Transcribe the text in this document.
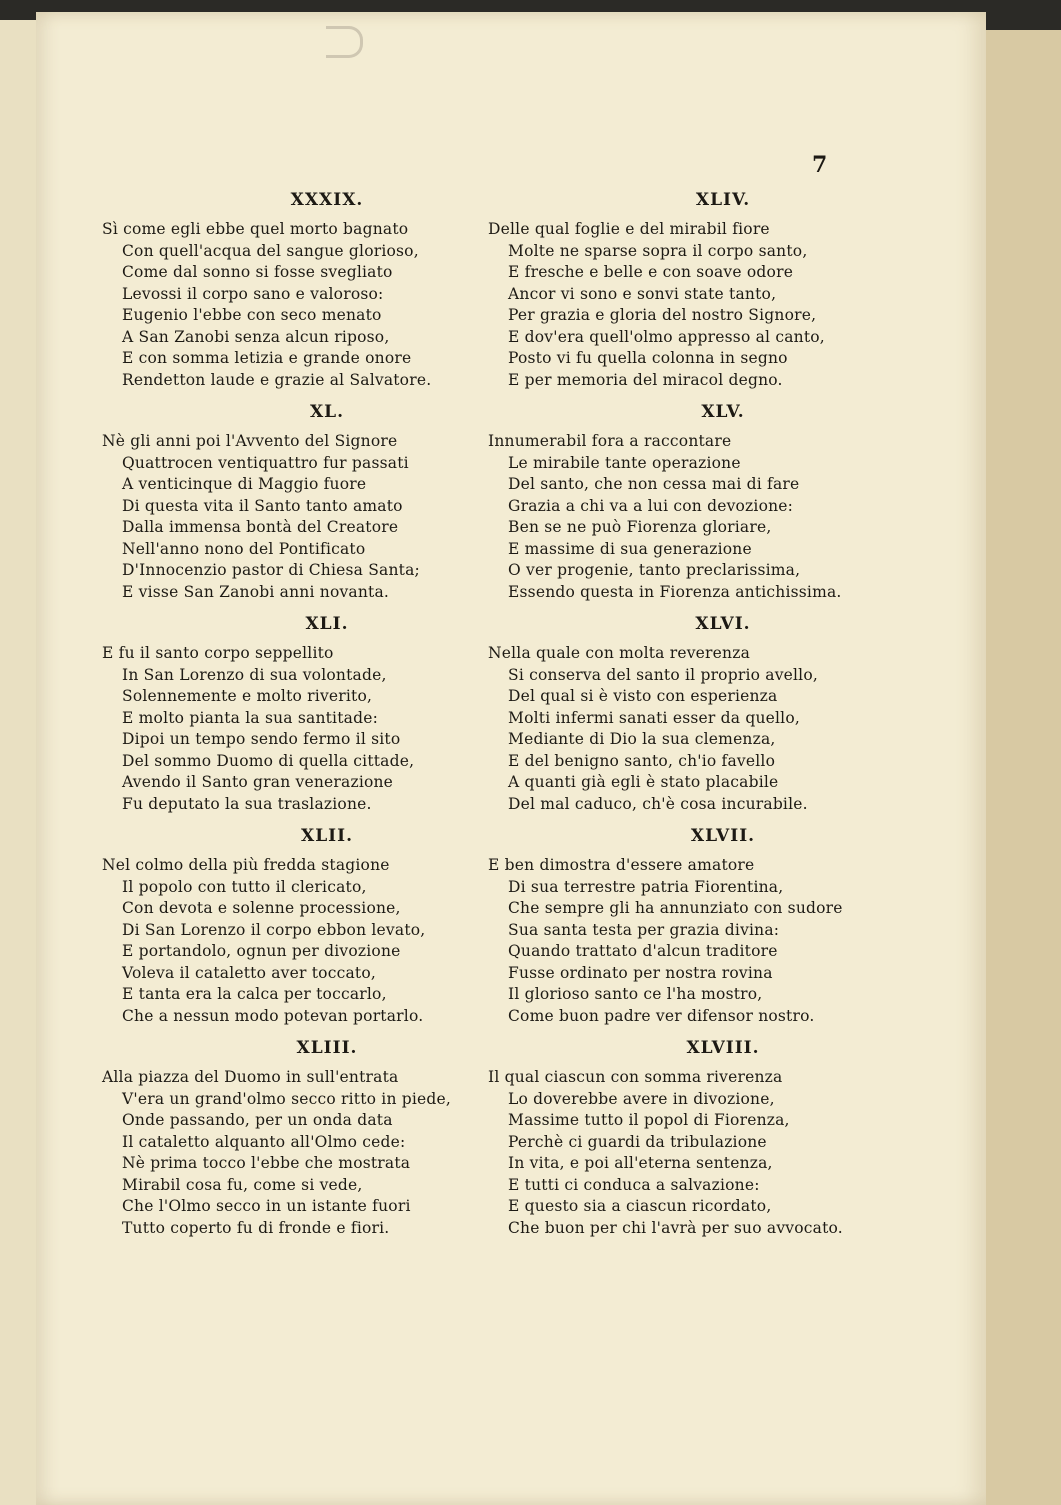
7
XXXIX.
Sì come egli ebbe quel morto bagnato
Con quell'acqua del sangue glorioso,
Come dal sonno si fosse svegliato
Levossi il corpo sano e valoroso:
Eugenio l'ebbe con seco menato
A San Zanobi senza alcun riposo,
E con somma letizia e grande onore
Rendetton laude e grazie al Salvatore.
XL.
Nè gli anni poi l'Avvento del Signore
Quattrocen ventiquattro fur passati
A venticinque di Maggio fuore
Di questa vita il Santo tanto amato
Dalla immensa bontà del Creatore
Nell'anno nono del Pontificato
D'Innocenzio pastor di Chiesa Santa;
E visse San Zanobi anni novanta.
XLI.
E fu il santo corpo seppellito
In San Lorenzo di sua volontade,
Solennemente e molto riverito,
E molto pianta la sua santitade:
Dipoi un tempo sendo fermo il sito
Del sommo Duomo di quella cittade,
Avendo il Santo gran venerazione
Fu deputato la sua traslazione.
XLII.
Nel colmo della più fredda stagione
Il popolo con tutto il clericato,
Con devota e solenne processione,
Di San Lorenzo il corpo ebbon levato,
E portandolo, ognun per divozione
Voleva il cataletto aver toccato,
E tanta era la calca per toccarlo,
Che a nessun modo potevan portarlo.
XLIII.
Alla piazza del Duomo in sull'entrata
V'era un grand'olmo secco ritto in piede,
Onde passando, per un onda data
Il cataletto alquanto all'Olmo cede:
Nè prima tocco l'ebbe che mostrata
Mirabil cosa fu, come si vede,
Che l'Olmo secco in un istante fuori
Tutto coperto fu di fronde e fiori.
XLIV.
Delle qual foglie e del mirabil fiore
Molte ne sparse sopra il corpo santo,
E fresche e belle e con soave odore
Ancor vi sono e sonvi state tanto,
Per grazia e gloria del nostro Signore,
E dov'era quell'olmo appresso al canto,
Posto vi fu quella colonna in segno
E per memoria del miracol degno.
XLV.
Innumerabil fora a raccontare
Le mirabile tante operazione
Del santo, che non cessa mai di fare
Grazia a chi va a lui con devozione:
Ben se ne può Fiorenza gloriare,
E massime di sua generazione
O ver progenie, tanto preclarissima,
Essendo questa in Fiorenza antichissima.
XLVI.
Nella quale con molta reverenza
Si conserva del santo il proprio avello,
Del qual si è visto con esperienza
Molti infermi sanati esser da quello,
Mediante di Dio la sua clemenza,
E del benigno santo, ch'io favello
A quanti già egli è stato placabile
Del mal caduco, ch'è cosa incurabile.
XLVII.
E ben dimostra d'essere amatore
Di sua terrestre patria Fiorentina,
Che sempre gli ha annunziato con sudore
Sua santa testa per grazia divina:
Quando trattato d'alcun traditore
Fusse ordinato per nostra rovina
Il glorioso santo ce l'ha mostro,
Come buon padre ver difensor nostro.
XLVIII.
Il qual ciascun con somma riverenza
Lo doverebbe avere in divozione,
Massime tutto il popol di Fiorenza,
Perchè ci guardi da tribulazione
In vita, e poi all'eterna sentenza,
E tutti ci conduca a salvazione:
E questo sia a ciascun ricordato,
Che buon per chi l'avrà per suo avvocato.
